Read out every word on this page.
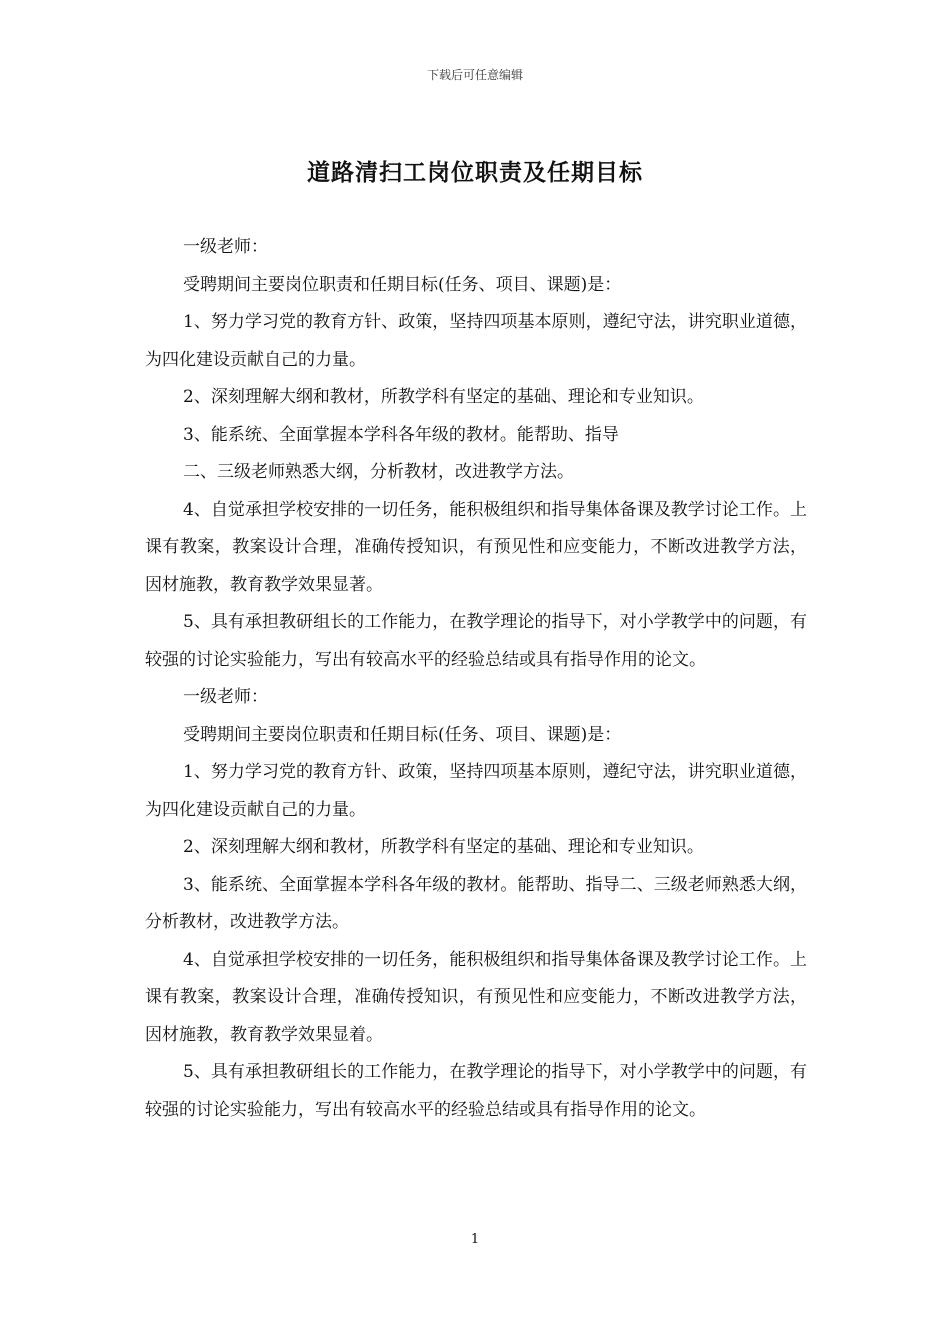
下载后可任意编辑
道路清扫工岗位职责及任期目标

一级老师：

受聘期间主要岗位职责和任期目标(任务、项目、课题)是：

1、努力学习党的教育方针、政策，坚持四项基本原则，遵纪守法，讲究职业道德，为四化建设贡献自己的力量。

2、深刻理解大纲和教材，所教学科有坚定的基础、理论和专业知识。

3、能系统、全面掌握本学科各年级的教材。能帮助、指导

二、三级老师熟悉大纲，分析教材，改进教学方法。

4、自觉承担学校安排的一切任务，能积极组织和指导集体备课及教学讨论工作。上课有教案，教案设计合理，准确传授知识，有预见性和应变能力，不断改进教学方法，因材施教，教育教学效果显著。

5、具有承担教研组长的工作能力，在教学理论的指导下，对小学教学中的问题，有较强的讨论实验能力，写出有较高水平的经验总结或具有指导作用的论文。

一级老师：

受聘期间主要岗位职责和任期目标(任务、项目、课题)是：

1、努力学习党的教育方针、政策，坚持四项基本原则，遵纪守法，讲究职业道德，为四化建设贡献自己的力量。

2、深刻理解大纲和教材，所教学科有坚定的基础、理论和专业知识。

3、能系统、全面掌握本学科各年级的教材。能帮助、指导二、三级老师熟悉大纲，分析教材，改进教学方法。

4、自觉承担学校安排的一切任务，能积极组织和指导集体备课及教学讨论工作。上课有教案，教案设计合理，准确传授知识，有预见性和应变能力，不断改进教学方法，因材施教，教育教学效果显着。

5、具有承担教研组长的工作能力，在教学理论的指导下，对小学教学中的问题，有较强的讨论实验能力，写出有较高水平的经验总结或具有指导作用的论文。

1
